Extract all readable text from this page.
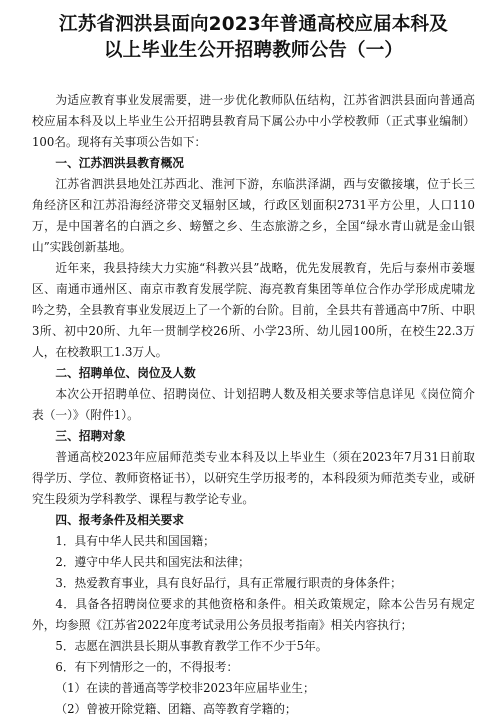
江苏省泗洪县面向2023年普通高校应届本科及
以上毕业生公开招聘教师公告（一）

为适应教育事业发展需要，进一步优化教师队伍结构，江苏省泗洪县面向普通高校应届本科及以上毕业生公开招聘县教育局下属公办中小学校教师（正式事业编制）100名。现将有关事项公告如下：

一、江苏泗洪县教育概况

江苏省泗洪县地处江苏西北、淮河下游，东临洪泽湖，西与安徽接壤，位于长三角经济区和江苏沿海经济带交叉辐射区域，行政区划面积2731平方公里，人口110万，是中国著名的白酒之乡、螃蟹之乡、生态旅游之乡，全国“绿水青山就是金山银山”实践创新基地。

近年来，我县持续大力实施“科教兴县”战略，优先发展教育，先后与泰州市姜堰区、南通市通州区、南京市教育发展学院、海亮教育集团等单位合作办学形成虎啸龙吟之势，全县教育事业发展迈上了一个新的台阶。目前，全县共有普通高中7所、中职3所、初中20所、九年一贯制学校26所、小学23所、幼儿园100所，在校生22.3万人，在校教职工1.3万人。

二、招聘单位、岗位及人数

本次公开招聘单位、招聘岗位、计划招聘人数及相关要求等信息详见《岗位简介表（一）》（附件1）。

三、招聘对象

普通高校2023年应届师范类专业本科及以上毕业生（须在2023年7月31日前取得学历、学位、教师资格证书），以研究生学历报考的，本科段须为师范类专业，或研究生段须为学科教学、课程与教学论专业。

四、报考条件及相关要求

1．具有中华人民共和国国籍；

2．遵守中华人民共和国宪法和法律；

3．热爱教育事业，具有良好品行，具有正常履行职责的身体条件；

4．具备各招聘岗位要求的其他资格和条件。相关政策规定，除本公告另有规定外，均参照《江苏省2022年度考试录用公务员报考指南》相关内容执行；

5．志愿在泗洪县长期从事教育教学工作不少于5年。

6．有下列情形之一的，不得报考：

（1）在读的普通高等学校非2023年应届毕业生；

（2）曾被开除党籍、团籍、高等教育学籍的；
